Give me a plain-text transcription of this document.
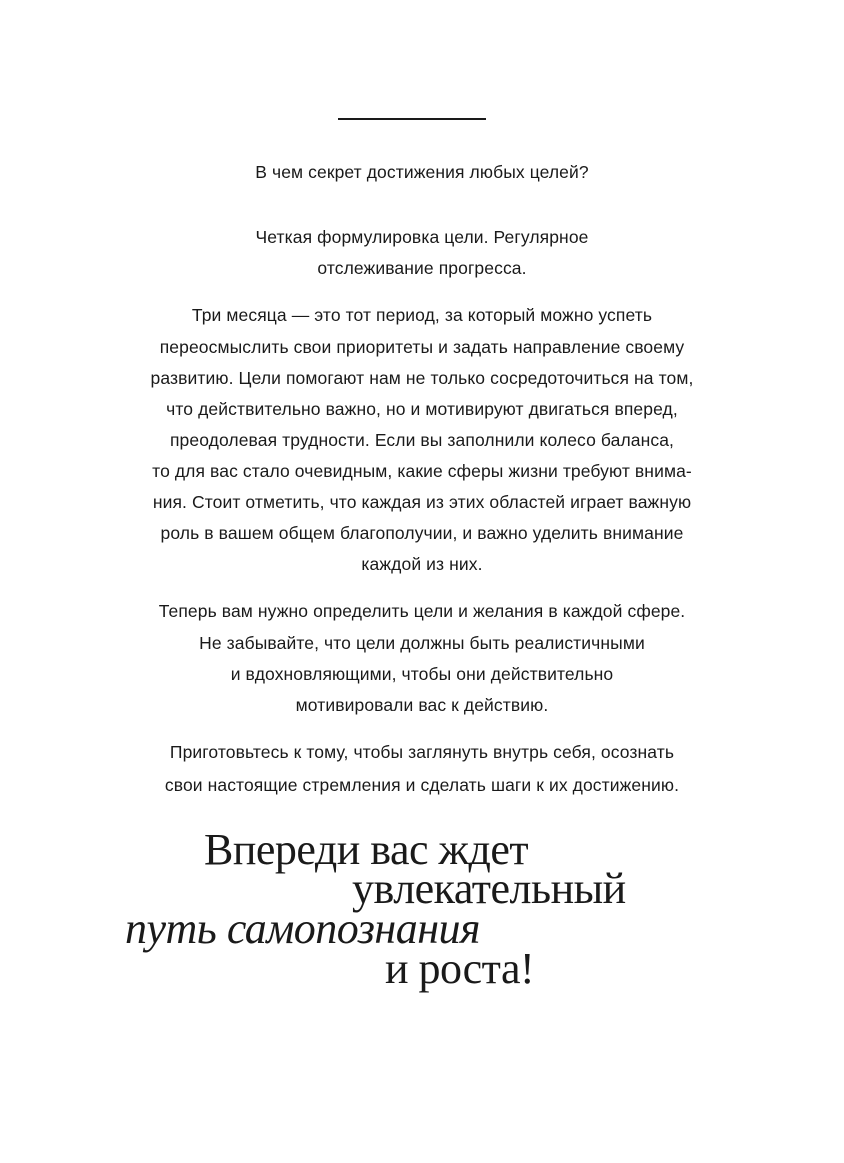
В чем секрет достижения любых целей?
Четкая формулировка цели. Регулярное
отслеживание прогресса.
Три месяца — это тот период, за который можно успеть
переосмыслить свои приоритеты и задать направление своему
развитию. Цели помогают нам не только сосредоточиться на том,
что действительно важно, но и мотивируют двигаться вперед,
преодолевая трудности. Если вы заполнили колесо баланса,
то для вас стало очевидным, какие сферы жизни требуют внима-
ния. Стоит отметить, что каждая из этих областей играет важную
роль в вашем общем благополучии, и важно уделить внимание
каждой из них.
Теперь вам нужно определить цели и желания в каждой сфере.
Не забывайте, что цели должны быть реалистичными
и вдохновляющими, чтобы они действительно
мотивировали вас к действию.
Приготовьтесь к тому, чтобы заглянуть внутрь себя, осознать
свои настоящие стремления и сделать шаги к их достижению.
Впереди вас ждет
увлекательный
путь самопознания
и роста!
